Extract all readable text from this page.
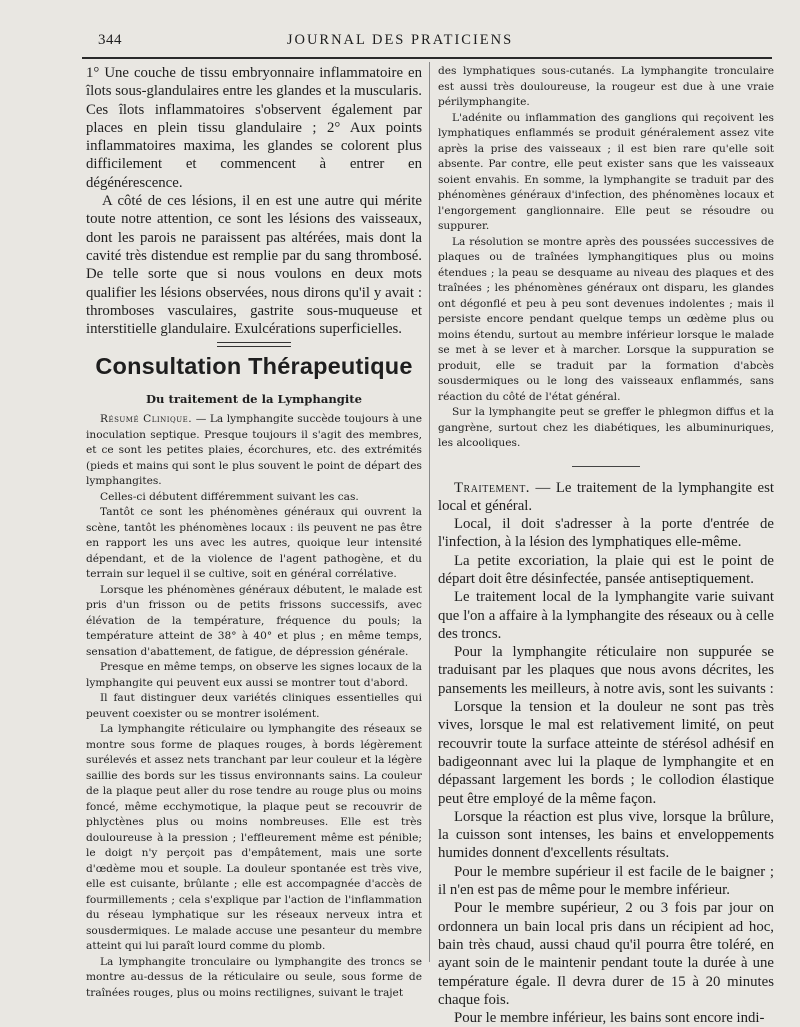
344	JOURNAL DES PRATICIENS

1° Une couche de tissu embryonnaire inflammatoire en îlots sous-glandulaires entre les glandes et la muscularis. Ces îlots inflammatoires s'observent également par places en plein tissu glandulaire ; 2° Aux points inflammatoires maxima, les glandes se colorent plus difficilement et commencent à entrer en dégénérescence.

A côté de ces lésions, il en est une autre qui mérite toute notre attention, ce sont les lésions des vaisseaux, dont les parois ne paraissent pas altérées, mais dont la cavité très distendue est remplie par du sang thrombosé. De telle sorte que si nous voulons en deux mots qualifier les lésions observées, nous dirons qu'il y avait : thromboses vasculaires, gastrite sous-muqueuse et interstitielle glandulaire. Exulcérations superficielles.

Consultation Thérapeutique
Du traitement de la Lymphangite

Résumé Clinique. — La lymphangite succède toujours à une inoculation septique. Presque toujours il s'agit des membres, et ce sont les petites plaies, écorchures, etc. des extrémités (pieds et mains qui sont le plus souvent le point de départ des lymphangites.

Celles-ci débutent différemment suivant les cas.

Tantôt ce sont les phénomènes généraux qui ouvrent la scène, tantôt les phénomènes locaux : ils peuvent ne pas être en rapport les uns avec les autres, quoique leur intensité dépendant, et de la violence de l'agent pathogène, et du terrain sur lequel il se cultive, soit en général corrélative.

Lorsque les phénomènes généraux débutent, le malade est pris d'un frisson ou de petits frissons successifs, avec élévation de la température, fréquence du pouls; la température atteint de 38° à 40° et plus ; en même temps, sensation d'abattement, de fatigue, de dépression générale.

Presque en même temps, on observe les signes locaux de la lymphangite qui peuvent eux aussi se montrer tout d'abord.

Il faut distinguer deux variétés cliniques essentielles qui peuvent coexister ou se montrer isolément.

La lymphangite réticulaire ou lymphangite des réseaux se montre sous forme de plaques rouges, à bords légèrement surélevés et assez nets tranchant par leur couleur et la légère saillie des bords sur les tissus environnants sains. La couleur de la plaque peut aller du rose tendre au rouge plus ou moins foncé, même ecchymotique, la plaque peut se recouvrir de phlyctènes plus ou moins nombreuses. Elle est très douloureuse à la pression ; l'effleurement même est pénible; le doigt n'y perçoit pas d'empâtement, mais une sorte d'œdème mou et souple. La douleur spontanée est très vive, elle est cuisante, brûlante ; elle est accompagnée d'accès de fourmillements ; cela s'explique par l'action de l'inflammation du réseau lymphatique sur les réseaux nerveux intra et sousdermiques. Le malade accuse une pesanteur du membre atteint qui lui paraît lourd comme du plomb.

La lymphangite tronculaire ou lymphangite des troncs se montre au-dessus de la réticulaire ou seule, sous forme de traînées rouges, plus ou moins rectilignes, suivant le trajet

des lymphatiques sous-cutanés. La lymphangite tronculaire est aussi très douloureuse, la rougeur est due à une vraie périlymphangite.

L'adénite ou inflammation des ganglions qui reçoivent les lymphatiques enflammés se produit généralement assez vite après la prise des vaisseaux ; il est bien rare qu'elle soit absente. Par contre, elle peut exister sans que les vaisseaux soient envahis. En somme, la lymphangite se traduit par des phénomènes généraux d'infection, des phénomènes locaux et l'engorgement ganglionnaire. Elle peut se résoudre ou suppurer.

La résolution se montre après des poussées successives de plaques ou de traînées lymphangitiques plus ou moins étendues ; la peau se desquame au niveau des plaques et des traînées ; les phénomènes généraux ont disparu, les glandes ont dégonflé et peu à peu sont devenues indolentes ; mais il persiste encore pendant quelque temps un œdème plus ou moins étendu, surtout au membre inférieur lorsque le malade se met à se lever et à marcher. Lorsque la suppuration se produit, elle se traduit par la formation d'abcès sousdermiques ou le long des vaisseaux enflammés, sans réaction du côté de l'état général.

Sur la lymphangite peut se greffer le phlegmon diffus et la gangrène, surtout chez les diabétiques, les albuminuriques, les alcooliques.

Traitement. — Le traitement de la lymphangite est local et général.

Local, il doit s'adresser à la porte d'entrée de l'infection, à la lésion des lymphatiques elle-même.

La petite excoriation, la plaie qui est le point de départ doit être désinfectée, pansée antiseptiquement.

Le traitement local de la lymphangite varie suivant que l'on a affaire à la lymphangite des réseaux ou à celle des troncs.

Pour la lymphangite réticulaire non suppurée se traduisant par les plaques que nous avons décrites, les pansements les meilleurs, à notre avis, sont les suivants :

Lorsque la tension et la douleur ne sont pas très vives, lorsque le mal est relativement limité, on peut recouvrir toute la surface atteinte de stérésol adhésif en badigeonnant avec lui la plaque de lymphangite et en dépassant largement les bords ; le collodion élastique peut être employé de la même façon.

Lorsque la réaction est plus vive, lorsque la brûlure, la cuisson sont intenses, les bains et enveloppements humides donnent d'excellents résultats.

Pour le membre supérieur il est facile de le baigner ; il n'en est pas de même pour le membre inférieur.

Pour le membre supérieur, 2 ou 3 fois par jour on ordonnera un bain local pris dans un récipient ad hoc, bain très chaud, aussi chaud qu'il pourra être toléré, en ayant soin de le maintenir pendant toute la durée à une température égale. Il devra durer de 15 à 20 minutes chaque fois.

Pour le membre inférieur, les bains sont encore indi-
